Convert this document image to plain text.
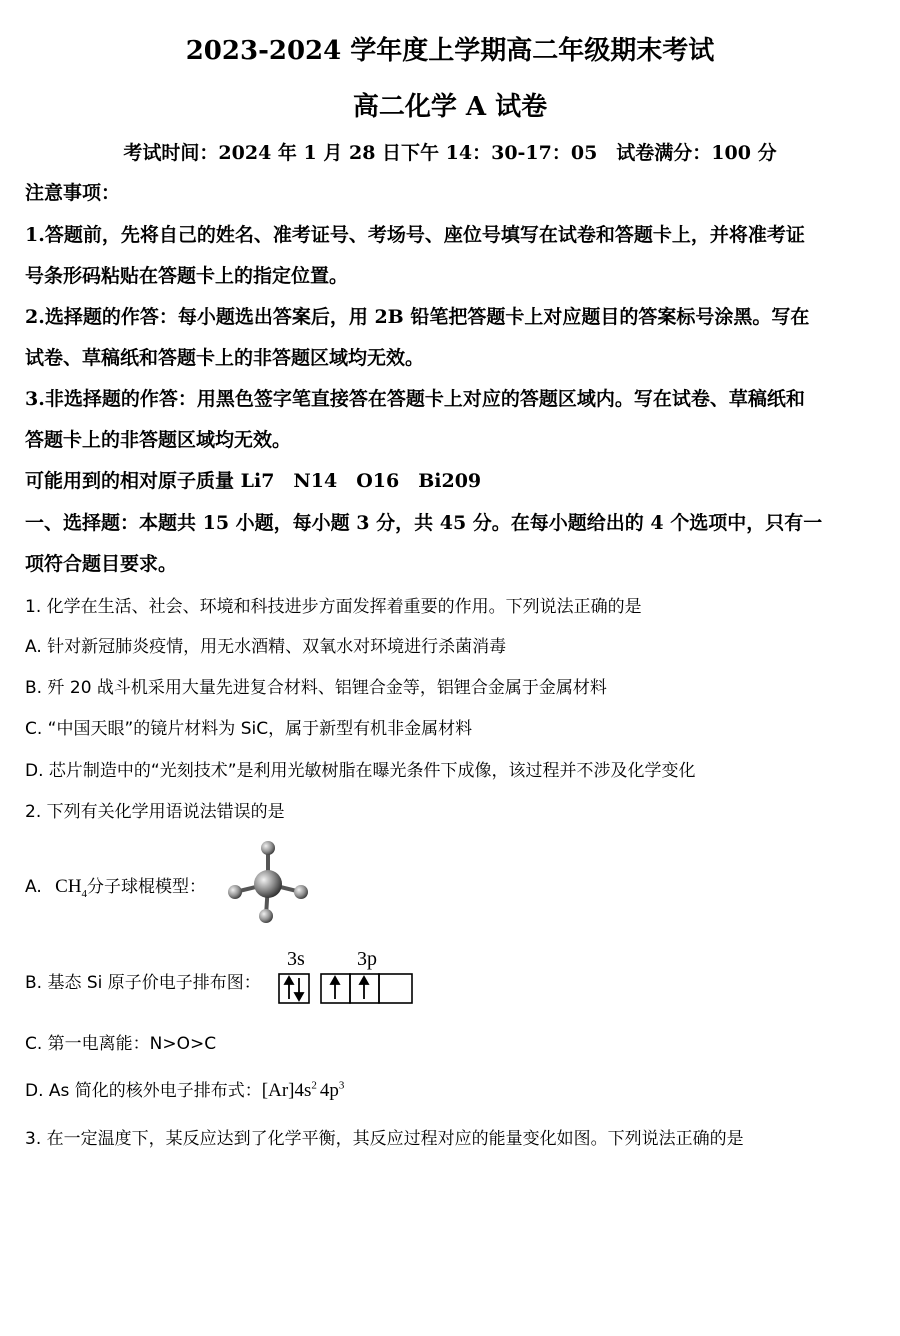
2023-2024 学年度上学期高二年级期末考试
高二化学 A 试卷
考试时间：2024 年 1 月 28 日下午 14：30-17：05　试卷满分：100 分
注意事项：
1.答题前，先将自己的姓名、准考证号、考场号、座位号填写在试卷和答题卡上，并将准考证
号条形码粘贴在答题卡上的指定位置。
2.选择题的作答：每小题选出答案后，用 2B 铅笔把答题卡上对应题目的答案标号涂黑。写在
试卷、草稿纸和答题卡上的非答题区域均无效。
3.非选择题的作答：用黑色签字笔直接答在答题卡上对应的答题区域内。写在试卷、草稿纸和
答题卡上的非答题区域均无效。
可能用到的相对原子质量 Li7　N14　O16　Bi209
一、选择题：本题共 15 小题，每小题 3 分，共 45 分。在每小题给出的 4 个选项中，只有一
项符合题目要求。
1. 化学在生活、社会、环境和科技进步方面发挥着重要的作用。下列说法正确的是
A. 针对新冠肺炎疫情，用无水酒精、双氧水对环境进行杀菌消毒
B. 歼 20 战斗机采用大量先进复合材料、铝锂合金等，铝锂合金属于金属材料
C. “中国天眼”的镜片材料为 SiC，属于新型有机非金属材料
D. 芯片制造中的“光刻技术”是利用光敏树脂在曝光条件下成像，该过程并不涉及化学变化
2. 下列有关化学用语说法错误的是
A. $CH_4$分子球棍模型：
B. 基态 Si 原子价电子排布图：
3s	3p
C. 第一电离能：N>O>C
D. As 简化的核外电子排布式：$[Ar]4s^2$ $4p^3$
3. 在一定温度下，某反应达到了化学平衡，其反应过程对应的能量变化如图。下列说法正确的是
